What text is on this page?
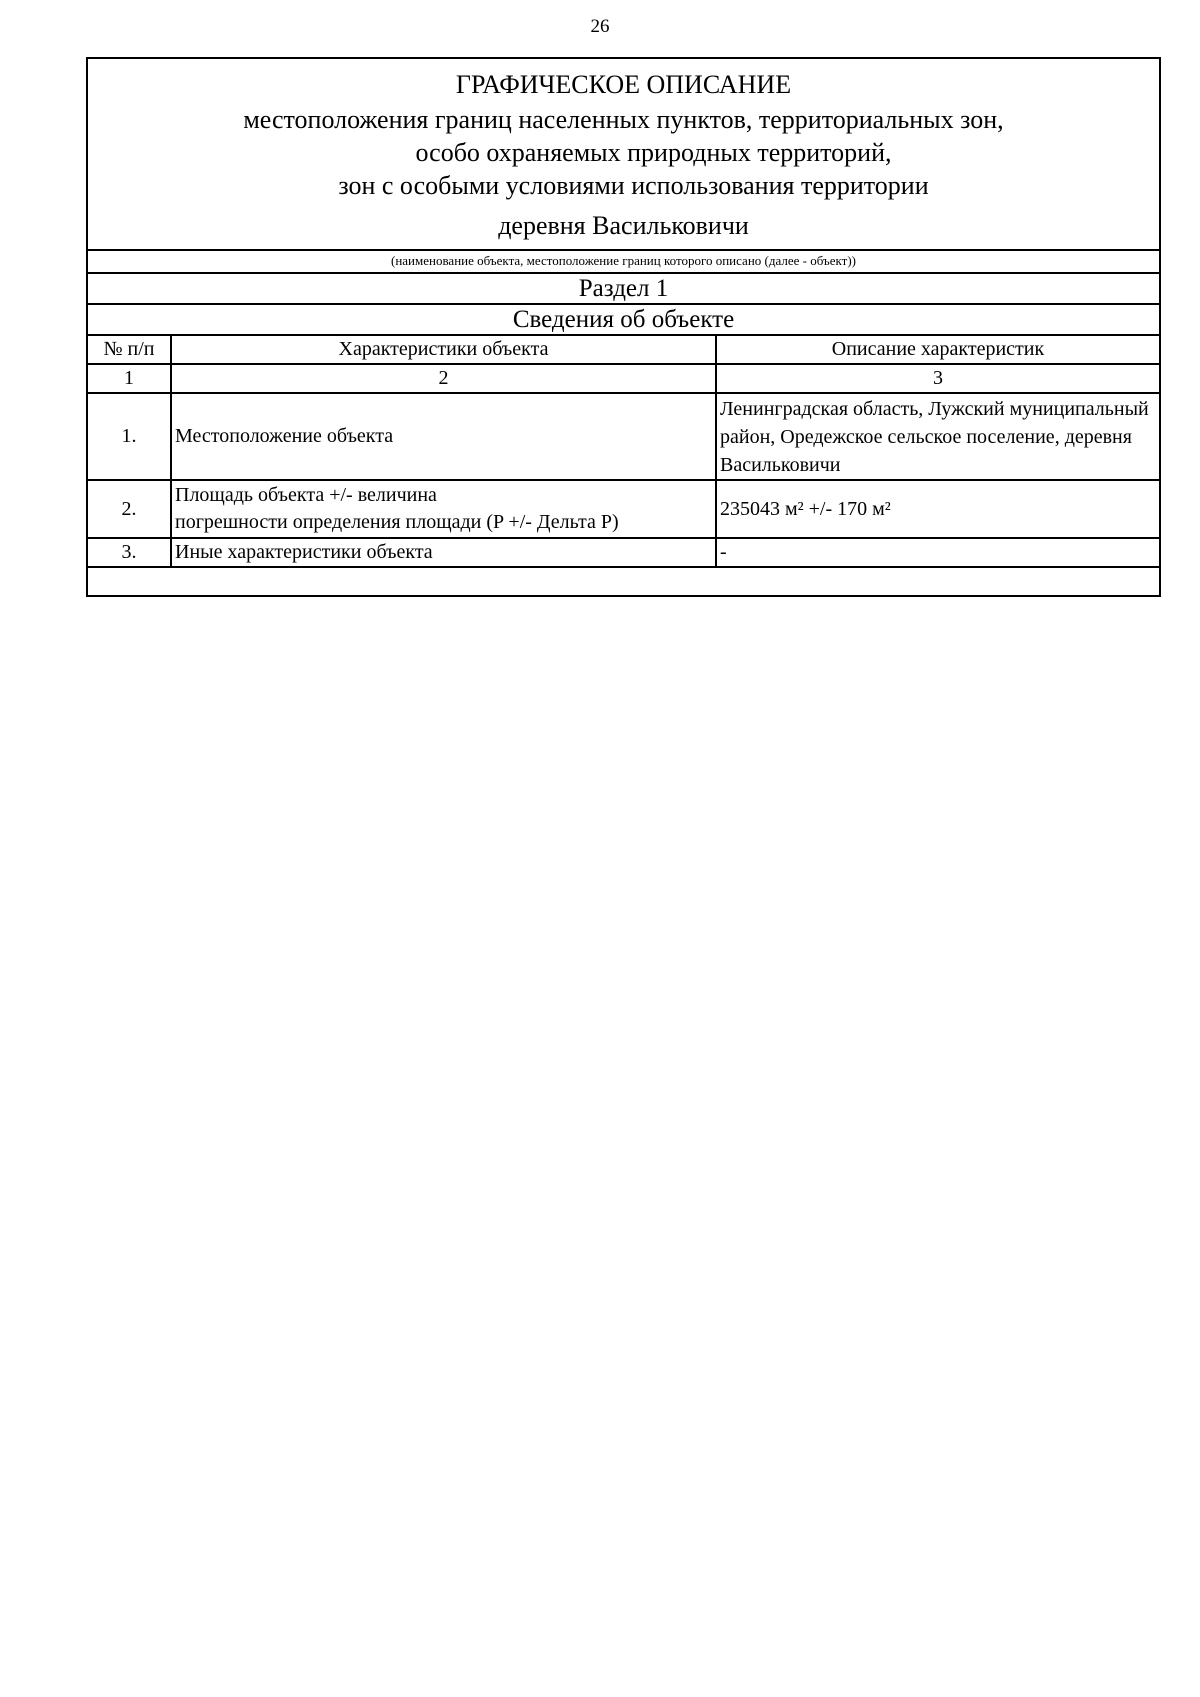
26
ГРАФИЧЕСКОЕ ОПИСАНИЕ
местоположения границ населенных пунктов, территориальных зон,
особо охраняемых природных территорий,
зон с особыми условиями использования территории
деревня Васильковичи
(наименование объекта, местоположение границ которого описано (далее - объект))
Раздел 1
Сведения об объекте
№ п/п	Характеристики объекта	Описание характеристик
1	2	3
1.	Местоположение объекта	Ленинградская область, Лужский муниципальный район, Оредежское сельское поселение, деревня Васильковичи
2.	Площадь объекта +/- величина
погрешности определения площади (P +/- Дельта P)	235043 м² +/- 170 м²
3.	Иные характеристики объекта	-
